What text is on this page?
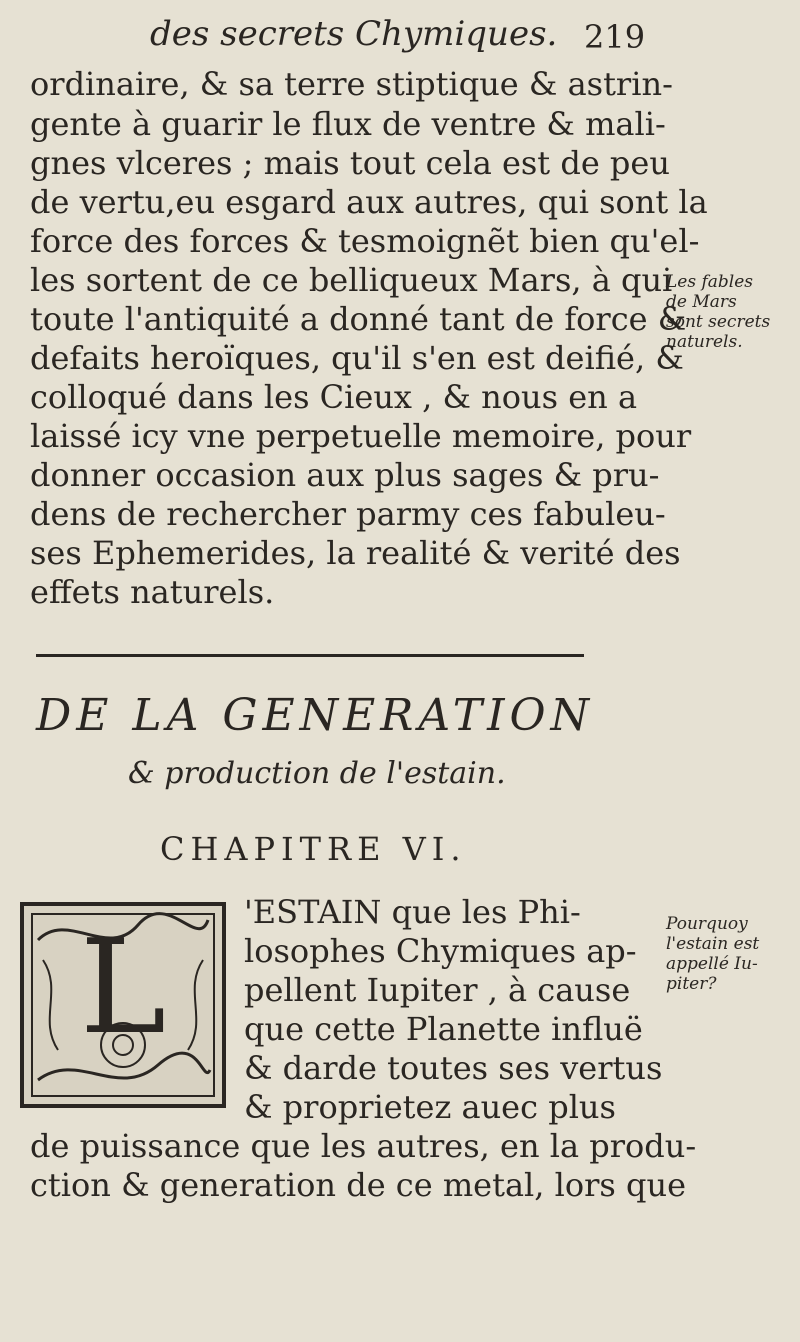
des secrets Chymiques. 219
ordinaire, & sa terre stiptique & astrin-
gente à guarir le flux de ventre & mali-
gnes vlceres ; mais tout cela est de peu
de vertu,eu esgard aux autres, qui sont la
force des forces & tesmoignẽt bien qu'el-
les sortent de ce belliqueux Mars, à qui
toute l'antiquité a donné tant de force &
defaits heroïques, qu'il s'en est deifié, &
colloqué dans les Cieux , & nous en a
laissé icy vne perpetuelle memoire, pour
donner occasion aux plus sages & pru-
dens de rechercher parmy ces fabuleu-
ses Ephemerides, la realité & verité des
effets naturels.
Les fables
de Mars
sont secrets
naturels.
DE LA GENERATION
& production de l'estain.
CHAPITRE VI.
L 'ESTAIN que les Phi-
losophes Chymiques ap-
pellent Iupiter , à cause
que cette Planette influë
& darde toutes ses vertus
& proprietez auec plus
de puissance que les autres, en la produ-
ction & generation de ce metal, lors que
Pourquoy
l'estain est
appellé Iu-
piter?
